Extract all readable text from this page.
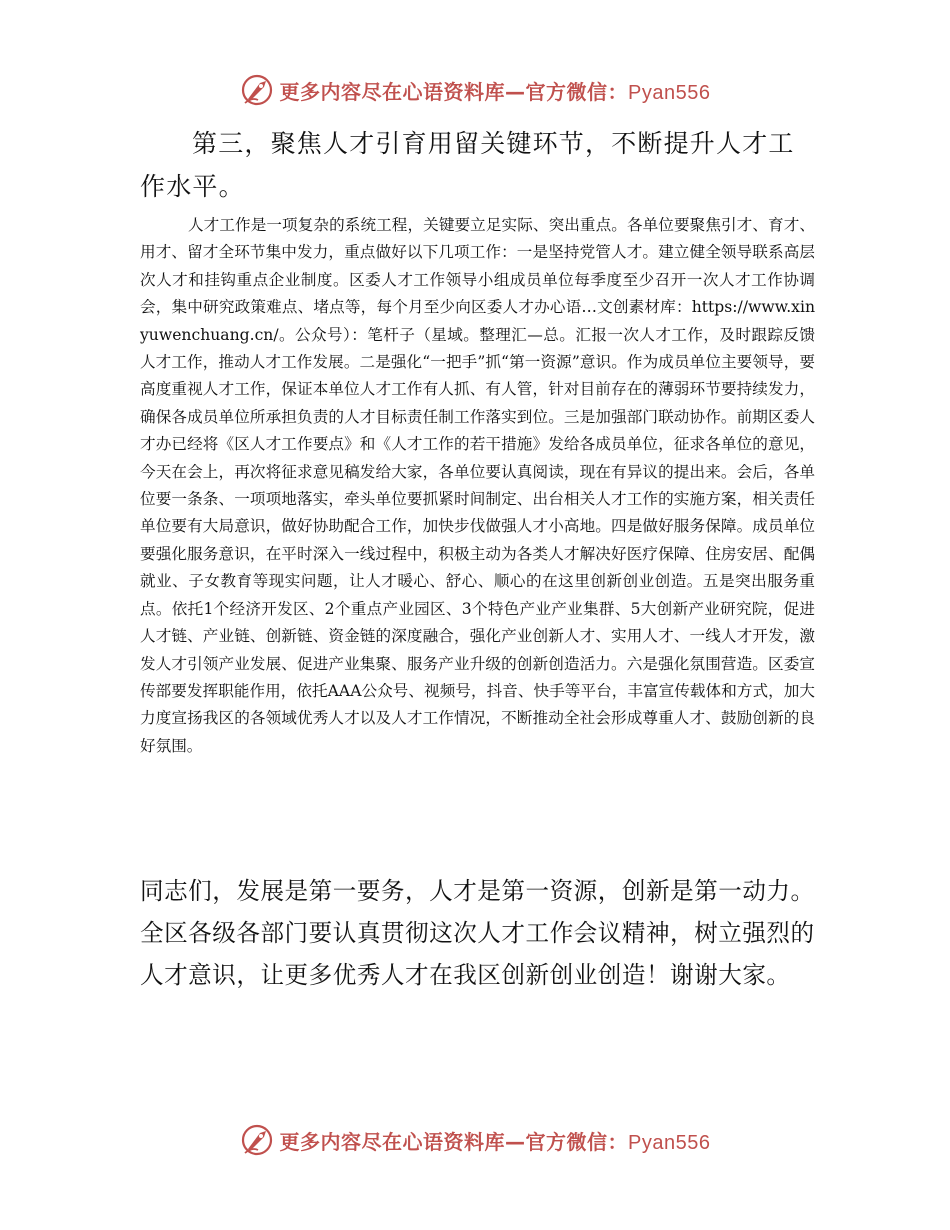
更多内容尽在心语资料库—官方微信：Pyan556

第三，聚焦人才引育用留关键环节，不断提升人才工作水平。

人才工作是一项复杂的系统工程，关键要立足实际、突出重点。各单位要聚焦引才、育才、用才、留才全环节集中发力，重点做好以下几项工作：一是坚持党管人才。建立健全领导联系高层次人才和挂钩重点企业制度。区委人才工作领导小组成员单位每季度至少召开一次人才工作协调会，集中研究政策难点、堵点等，每个月至少向区委人才办心语…文创素材库：https://www.xinyuwenchuang.cn/。公众号）：笔杆子（星域。整理汇—总。汇报一次人才工作，及时跟踪反馈人才工作，推动人才工作发展。二是强化“一把手”抓“第一资源”意识。作为成员单位主要领导，要高度重视人才工作，保证本单位人才工作有人抓、有人管，针对目前存在的薄弱环节要持续发力，确保各成员单位所承担负责的人才目标责任制工作落实到位。三是加强部门联动协作。前期区委人才办已经将《区人才工作要点》和《人才工作的若干措施》发给各成员单位，征求各单位的意见，今天在会上，再次将征求意见稿发给大家，各单位要认真阅读，现在有异议的提出来。会后，各单位要一条条、一项项地落实，牵头单位要抓紧时间制定、出台相关人才工作的实施方案，相关责任单位要有大局意识，做好协助配合工作，加快步伐做强人才小高地。四是做好服务保障。成员单位要强化服务意识，在平时深入一线过程中，积极主动为各类人才解决好医疗保障、住房安居、配偶就业、子女教育等现实问题，让人才暖心、舒心、顺心的在这里创新创业创造。五是突出服务重点。依托1个经济开发区、2个重点产业园区、3个特色产业产业集群、5大创新产业研究院，促进人才链、产业链、创新链、资金链的深度融合，强化产业创新人才、实用人才、一线人才开发，激发人才引领产业发展、促进产业集聚、服务产业升级的创新创造活力。六是强化氛围营造。区委宣传部要发挥职能作用，依托AAA公众号、视频号，抖音、快手等平台，丰富宣传载体和方式，加大力度宣扬我区的各领域优秀人才以及人才工作情况，不断推动全社会形成尊重人才、鼓励创新的良好氛围。

同志们，发展是第一要务，人才是第一资源，创新是第一动力。全区各级各部门要认真贯彻这次人才工作会议精神，树立强烈的人才意识，让更多优秀人才在我区创新创业创造！谢谢大家。

更多内容尽在心语资料库—官方微信：Pyan556
